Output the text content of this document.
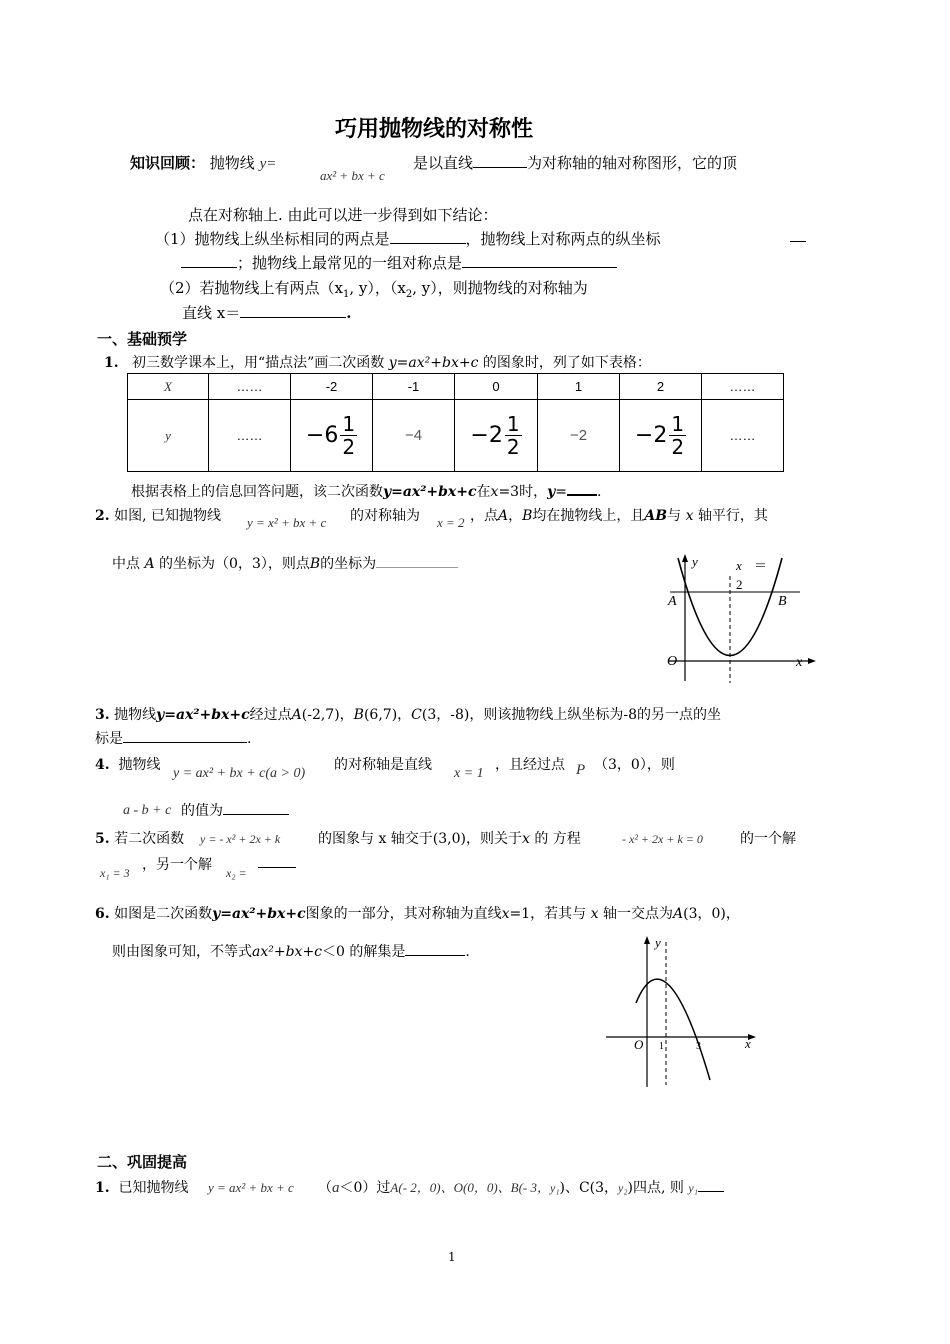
巧用抛物线的对称性
知识回顾： 抛物线 y=
ax² + bx + c
是以直线	为对称轴的轴对称图形，它的顶
点在对称轴上. 由此可以进一步得到如下结论：
（1）抛物线上纵坐标相同的两点是	，抛物线上对称两点的纵坐标
；抛物线上最常见的一组对称点是
（2）若抛物线上有两点（$x_1$, y），（$x_2$, y），则抛物线的对称轴为
直线 x＝	.
一、基础预学
1. 初三数学课本上，用“描点法”画二次函数 y=ax²+bx+c 的图象时，列了如下表格：
X	……	-2	-1	0	1	2	……
y	……	$-6 \frac{1}{2}$	−4	$-2 \frac{1}{2}$	−2	$-2 \frac{1}{2}$	……
根据表格上的信息回答问题，该二次函数y=ax²+bx+c在x=3时，y= .
2. 如图, 已知抛物线 y = x² + bx + c 的对称轴为 x = 2 ，点A，B均在抛物线上，且AB与 x 轴平行，其
中点 A 的坐标为（0，3），则点B的坐标为	y	x ＝
2
A	B
O	x
3. 抛物线y=ax²+bx+c经过点A(-2,7)，B(6,7)，C(3，-8)，则该抛物线上纵坐标为-8的另一点的坐
标是	.
4. 抛物线
y = ax² + bx + c(a > 0)
的对称轴是直线
x = 1
，且经过点 P （3，0），则
a - b + c 的值为
5. 若二次函数 y = - x² + 2x + k	的图象与 x 轴交于(3,0)，则关于x 的 方程	- x² + 2x + k = 0	的一个解
x₁ = 3 ，另一个解 x₂ =
6. 如图是二次函数y=ax²+bx+c图象的一部分，其对称轴为直线x=1，若其与 x 轴一交点为A(3，0)，
则由图象可知，不等式ax²+bx+c＜0 的解集是	.
y
O 1	3	x
二、巩固提高
1. 已知抛物线 y = ax² + bx + c （a＜0）过A(- 2，0)、O(0，0)、B(- 3，y₁)、C(3，y₂)四点, 则 y₁
1
